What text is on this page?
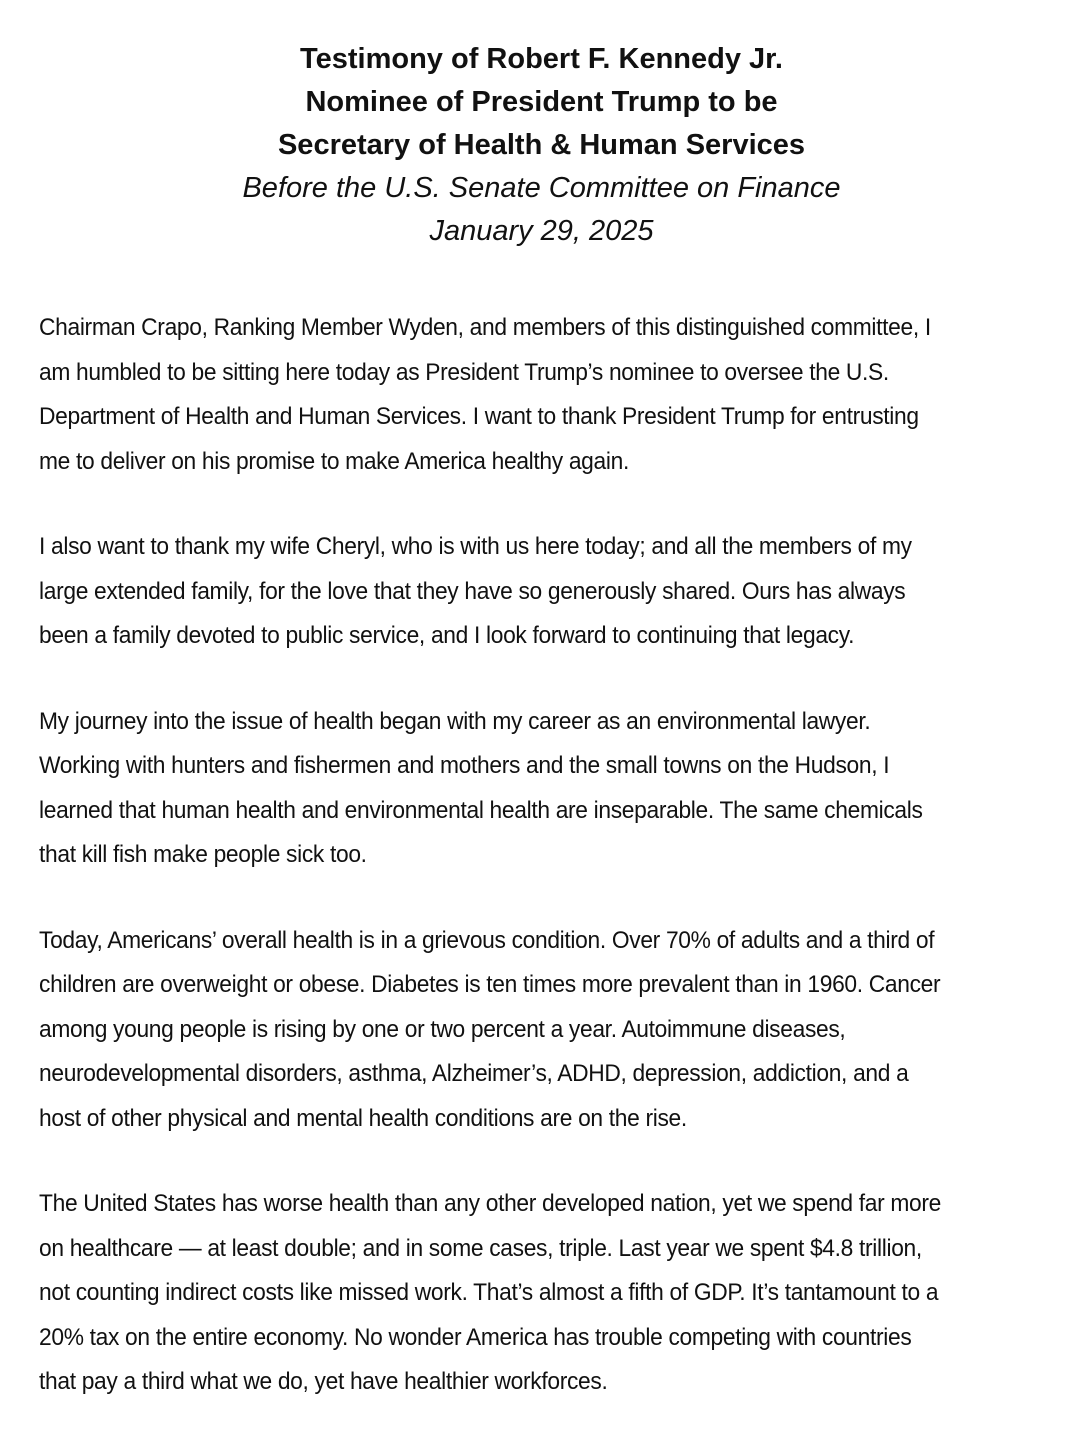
Testimony of Robert F. Kennedy Jr.
Nominee of President Trump to be
Secretary of Health & Human Services
Before the U.S. Senate Committee on Finance
January 29, 2025
Chairman Crapo, Ranking Member Wyden, and members of this distinguished committee, I
am humbled to be sitting here today as President Trump’s nominee to oversee the U.S.
Department of Health and Human Services. I want to thank President Trump for entrusting
me to deliver on his promise to make America healthy again.
I also want to thank my wife Cheryl, who is with us here today; and all the members of my
large extended family, for the love that they have so generously shared. Ours has always
been a family devoted to public service, and I look forward to continuing that legacy.
My journey into the issue of health began with my career as an environmental lawyer.
Working with hunters and fishermen and mothers and the small towns on the Hudson, I
learned that human health and environmental health are inseparable. The same chemicals
that kill fish make people sick too.
Today, Americans’ overall health is in a grievous condition. Over 70% of adults and a third of
children are overweight or obese. Diabetes is ten times more prevalent than in 1960. Cancer
among young people is rising by one or two percent a year. Autoimmune diseases,
neurodevelopmental disorders, asthma, Alzheimer’s, ADHD, depression, addiction, and a
host of other physical and mental health conditions are on the rise.
The United States has worse health than any other developed nation, yet we spend far more
on healthcare — at least double; and in some cases, triple. Last year we spent $4.8 trillion,
not counting indirect costs like missed work. That’s almost a fifth of GDP. It’s tantamount to a
20% tax on the entire economy. No wonder America has trouble competing with countries
that pay a third what we do, yet have healthier workforces.
